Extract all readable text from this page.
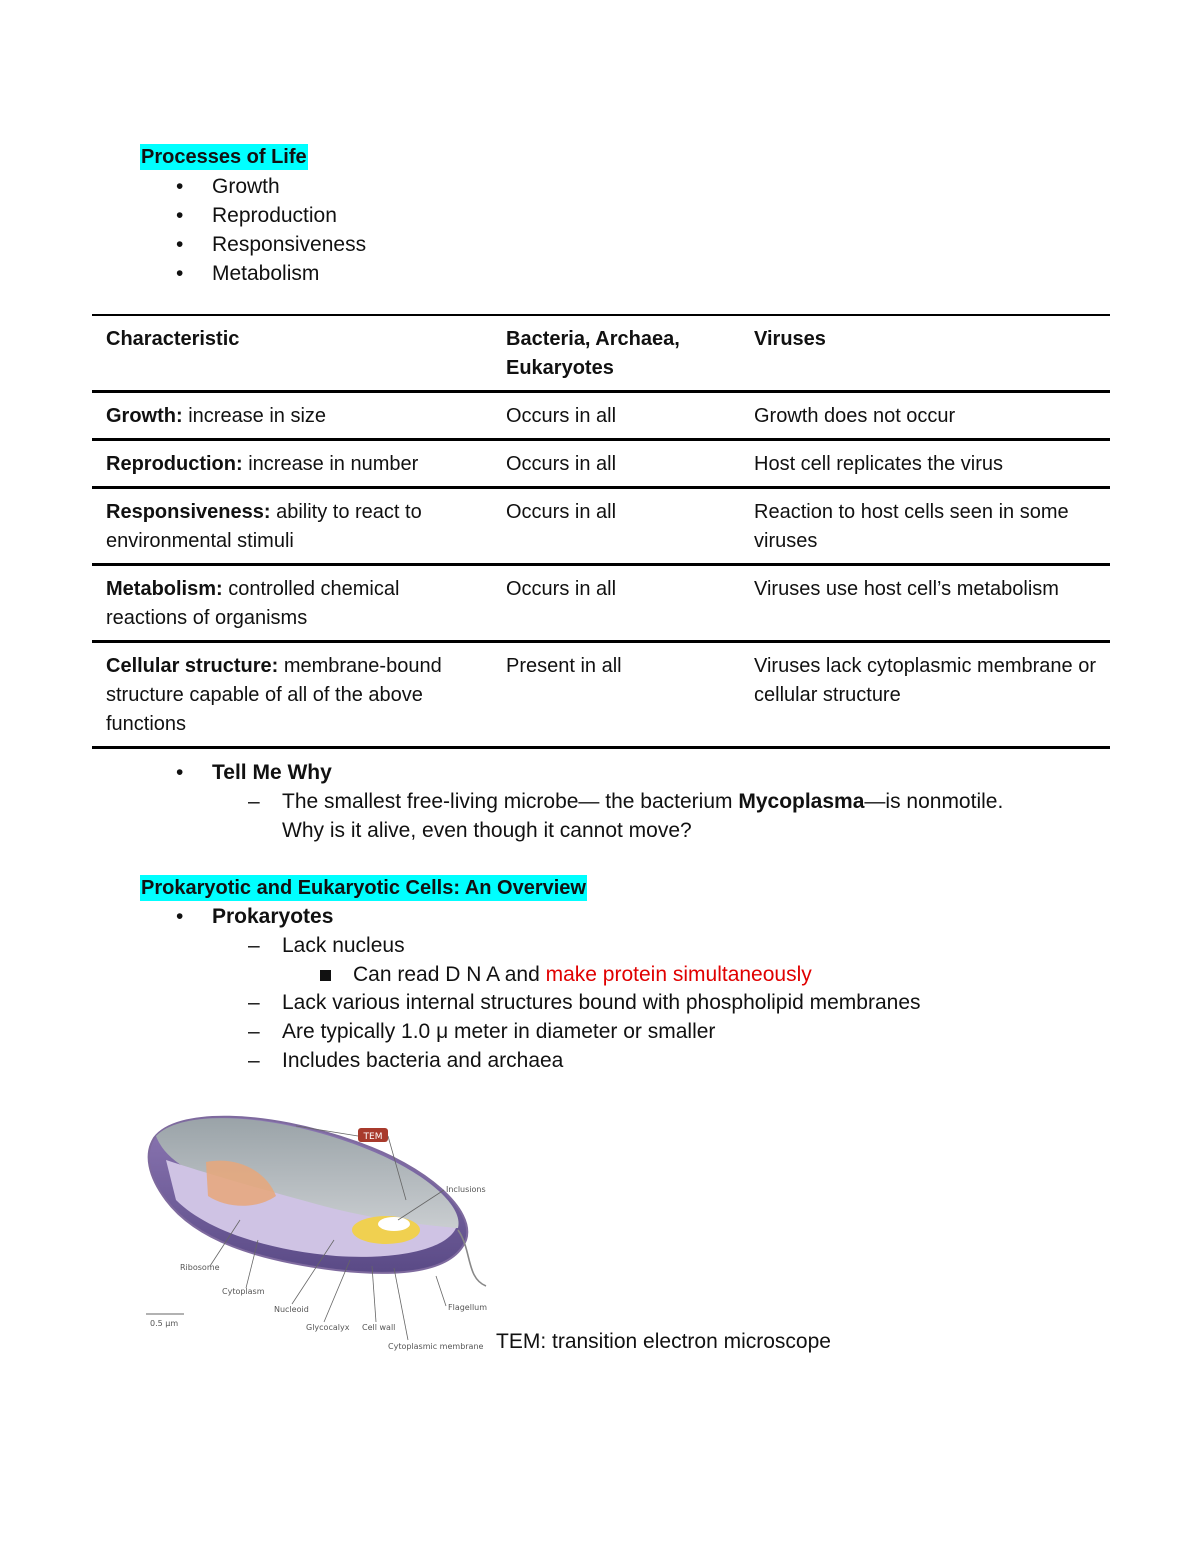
Processes of Life
• Growth
• Reproduction
• Responsiveness
• Metabolism
Characteristic	Bacteria, Archaea, Eukaryotes	Viruses
Growth: increase in size	Occurs in all	Growth does not occur
Reproduction: increase in number	Occurs in all	Host cell replicates the virus
Responsiveness: ability to react to environmental stimuli	Occurs in all	Reaction to host cells seen in some viruses
Metabolism: controlled chemical reactions of organisms	Occurs in all	Viruses use host cell’s metabolism
Cellular structure: membrane-bound structure capable of all of the above functions	Present in all	Viruses lack cytoplasmic membrane or cellular structure
• Tell Me Why
– The smallest free-living microbe— the bacterium Mycoplasma—is nonmotile.
Why is it alive, even though it cannot move?
Prokaryotic and Eukaryotic Cells: An Overview
• Prokaryotes
– Lack nucleus
Can read D N A and make protein simultaneously
– Lack various internal structures bound with phospholipid membranes
– Are typically 1.0 μ meter in diameter or smaller
– Includes bacteria and archaea
TEM
Inclusions
Ribosome
Cytoplasm
Nucleoid
Glycocalyx Cell wall
Cytoplasmic membrane
Flagellum
0.5 μm
TEM: transition electron microscope
